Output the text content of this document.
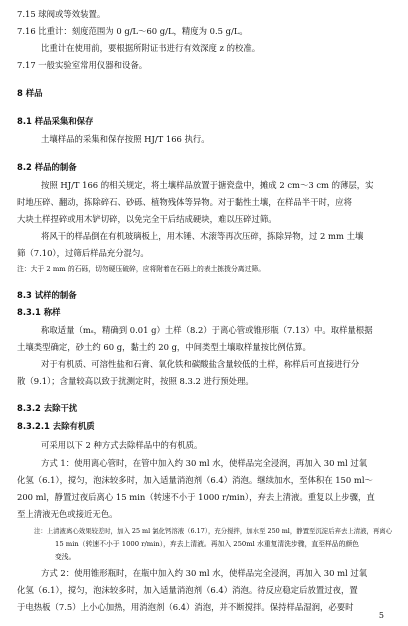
7.15 球阀或等效装置。
7.16 比重计：刻度范围为 0 g/L～60 g/L，精度为 0.5 g/L。
比重计在使用前，要根据所附证书进行有效深度 z 的校准。
7.17 一般实验室常用仪器和设备。
8 样品
8.1 样品采集和保存
土壤样品的采集和保存按照 HJ/T 166 执行。
8.2 样品的制备
按照 HJ/T 166 的相关规定，将土壤样品放置于搪瓷盘中，摊成 2 cm～3 cm 的薄层，实
时地压碎、翻动，拣除碎石、砂砾、植物残体等异物。对于黏性土壤，在样品半干时，应将
大块土样捏碎或用木铲切碎，以免完全干后结成硬块，难以压碎过筛。
将风干的样品倒在有机玻璃板上，用木锤、木滚等再次压碎，拣除异物，过 2 mm 土壤
筛（7.10），过筛后样品充分混匀。
注：大于 2 mm 的石砾，切勿硬压破碎，应将附着在石砾上的表土拣拨分离过筛。
8.3 试样的制备
8.3.1 称样
称取适量（mₛ，精确到 0.01 g）土样（8.2）于离心管或锥形瓶（7.13）中。取样量根据
土壤类型确定，砂土约 60 g，黏土约 20 g，中间类型土壤取样量按比例估算。
对于有机质、可溶性盐和石膏、氧化铁和碳酸盐含量较低的土样，称样后可直接进行分
散（9.1）；含量较高以致于扰测定时，按照 8.3.2 进行预处理。
8.3.2 去除干扰
8.3.2.1 去除有机质
可采用以下 2 种方式去除样品中的有机质。
方式 1：使用离心管时，在管中加入约 30 ml 水，使样品完全浸润，再加入 30 ml 过氧
化氢（6.1），搅匀，泡沫较多时，加入适量消泡剂（6.4）消泡。继续加水，至体积在 150 ml～
200 ml，静置过夜后离心 15 min（转速不小于 1000 r/min），弃去上清液。重复以上步骤，直
至上清液无色或接近无色。
注：上清液离心效果较差时，加入 25 ml 氯化钙溶液（6.17），充分搅拌，加水至 250 ml，静置至沉淀后弃去上清液，再离心
15 min（转速不小于 1000 r/min），弃去上清液。再加入 250ml 水重复清洗步骤，直至样品的颜色
变浅。
方式 2：使用锥形瓶时，在瓶中加入约 30 ml 水，使样品完全浸润，再加入 30 ml 过氧
化氢（6.1），搅匀，泡沫较多时，加入适量消泡剂（6.4）消泡。待反应稳定后放置过夜，置
于电热板（7.5）上小心加热，用消泡剂（6.4）消泡，并不断搅拌。保持样品湿润，必要时
5
